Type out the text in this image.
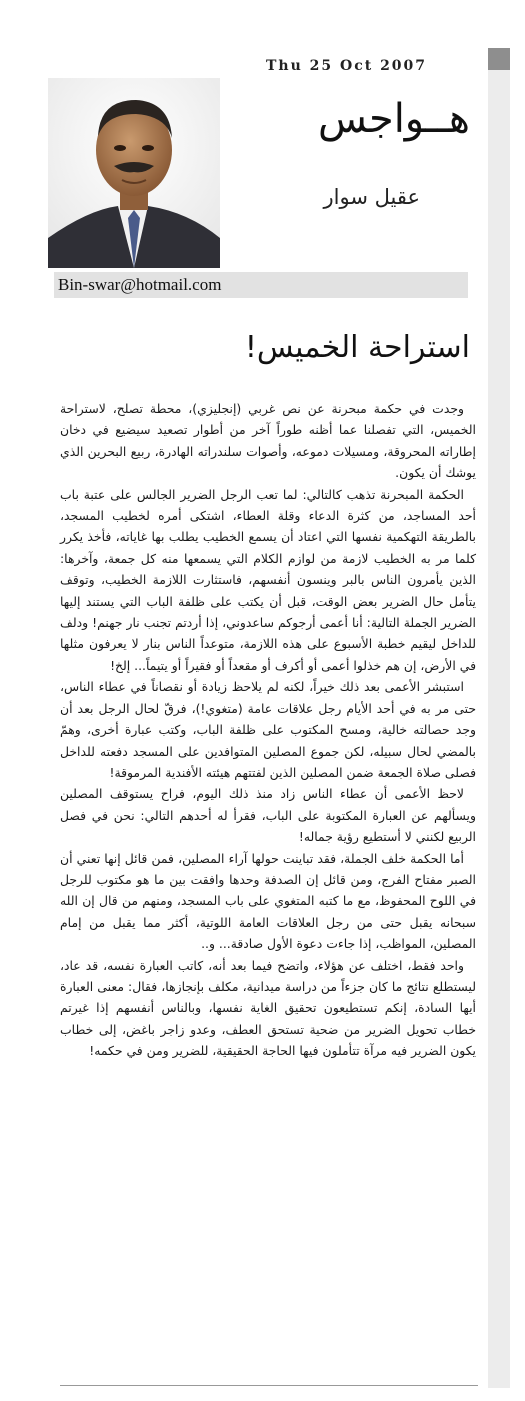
Thu 25 Oct 2007
هــواجس
عقيل سوار
Bin-swar@hotmail.com
استراحة الخميس!

وجدت في حكمة مبحرنة عن نص غربي (إنجليزي)، محطة تصلح، لاستراحة الخميس، التي تفصلنا عما أظنه طوراً آخر من أطوار تصعيد سيضيع في دخان إطاراته المحروقة، ومسيلات دموعه، وأصوات سلندراته الهادرة، ربيع البحرين الذي يوشك أن يكون.

الحكمة المبحرنة تذهب كالتالي: لما تعب الرجل الضرير الجالس على عتبة باب أحد المساجد، من كثرة الدعاء وقلة العطاء، اشتكى أمره لخطيب المسجد، بالطريقة التهكمية نفسها التي اعتاد أن يسمع الخطيب يطلب بها غاياته، فأخذ يكرر كلما مر به الخطيب لازمة من لوازم الكلام التي يسمعها منه كل جمعة، وآخرها: الذين يأمرون الناس بالبر وينسون أنفسهم، فاستثارت اللازمة الخطيب، وتوقف يتأمل حال الضرير بعض الوقت، قبل أن يكتب على ظلفة الباب التي يستند إليها الضرير الجملة التالية: أنا أعمى أرجوكم ساعدوني، إذا أردتم تجنب نار جهنم! ودلف للداخل ليقيم خطبة الأسبوع على هذه اللازمة، متوعداً الناس بنار لا يعرفون مثلها في الأرض، إن هم خذلوا أعمى أو أكرف أو مقعداً أو فقيراً أو يتيماً... إلخ!

استبشر الأعمى بعد ذلك خيراً، لكنه لم يلاحظ زيادة أو نقصاناً في عطاء الناس، حتى مر به في أحد الأيام رجل علاقات عامة (متغوي!)، فرقّ لحال الرجل بعد أن وجد حصالته خالية، ومسح المكتوب على ظلفة الباب، وكتب عبارة أخرى، وهمّ بالمضي لحال سبيله، لكن جموع المصلين المتوافدين على المسجد دفعته للداخل فصلى صلاة الجمعة ضمن المصلين الذين لفتتهم هيئته الأفندية المرموقة!

لاحظ الأعمى أن عطاء الناس زاد منذ ذلك اليوم، فراح يستوقف المصلين ويسألهم عن العبارة المكتوبة على الباب، فقرأ له أحدهم التالي: نحن في فصل الربيع لكنني لا أستطيع رؤية جماله!

أما الحكمة خلف الجملة، فقد تباينت حولها آراء المصلين، فمن قائل إنها تعني أن الصبر مفتاح الفرج، ومن قائل إن الصدفة وحدها وافقت بين ما هو مكتوب للرجل في اللوح المحفوظ، مع ما كتبه المتغوي على باب المسجد، ومنهم من قال إن الله سبحانه يقبل حتى من رجل العلاقات العامة اللوتية، أكثر مما يقبل من إمام المصلين، المواظب، إذا جاءت دعوة الأول صادقة... و..

واحد فقط، اختلف عن هؤلاء، واتضح فيما بعد أنه، كاتب العبارة نفسه، قد عاد، ليستطلع نتائج ما كان جزءاً من دراسة ميدانية، مكلف بإنجازها، فقال: معنى العبارة أيها السادة، إنكم تستطيعون تحقيق الغاية نفسها، وبالناس أنفسهم إذا غيرتم خطاب تحويل الضرير من ضحية تستحق العطف، وعدو زاجر باغض، إلى خطاب يكون الضرير فيه مرآة تتأملون فيها الحاجة الحقيقية، للضرير ومن في حكمه!
